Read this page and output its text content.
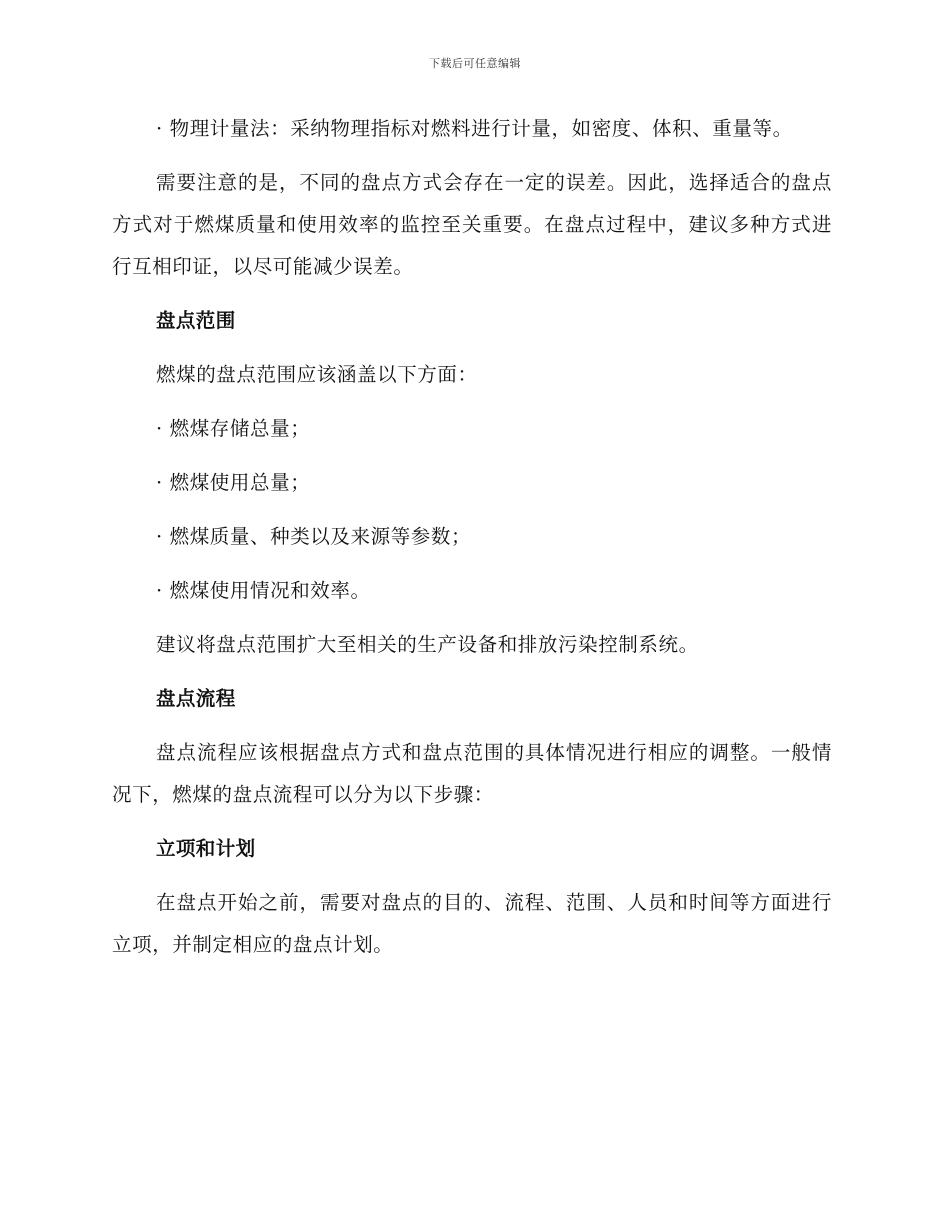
下载后可任意编辑

· 物理计量法：采纳物理指标对燃料进行计量，如密度、体积、重量等。

需要注意的是，不同的盘点方式会存在一定的误差。因此，选择适合的盘点方式对于燃煤质量和使用效率的监控至关重要。在盘点过程中，建议多种方式进行互相印证，以尽可能减少误差。

盘点范围

燃煤的盘点范围应该涵盖以下方面：

· 燃煤存储总量；

· 燃煤使用总量；

· 燃煤质量、种类以及来源等参数；

· 燃煤使用情况和效率。

建议将盘点范围扩大至相关的生产设备和排放污染控制系统。

盘点流程

盘点流程应该根据盘点方式和盘点范围的具体情况进行相应的调整。一般情况下，燃煤的盘点流程可以分为以下步骤：

立项和计划

在盘点开始之前，需要对盘点的目的、流程、范围、人员和时间等方面进行立项，并制定相应的盘点计划。
